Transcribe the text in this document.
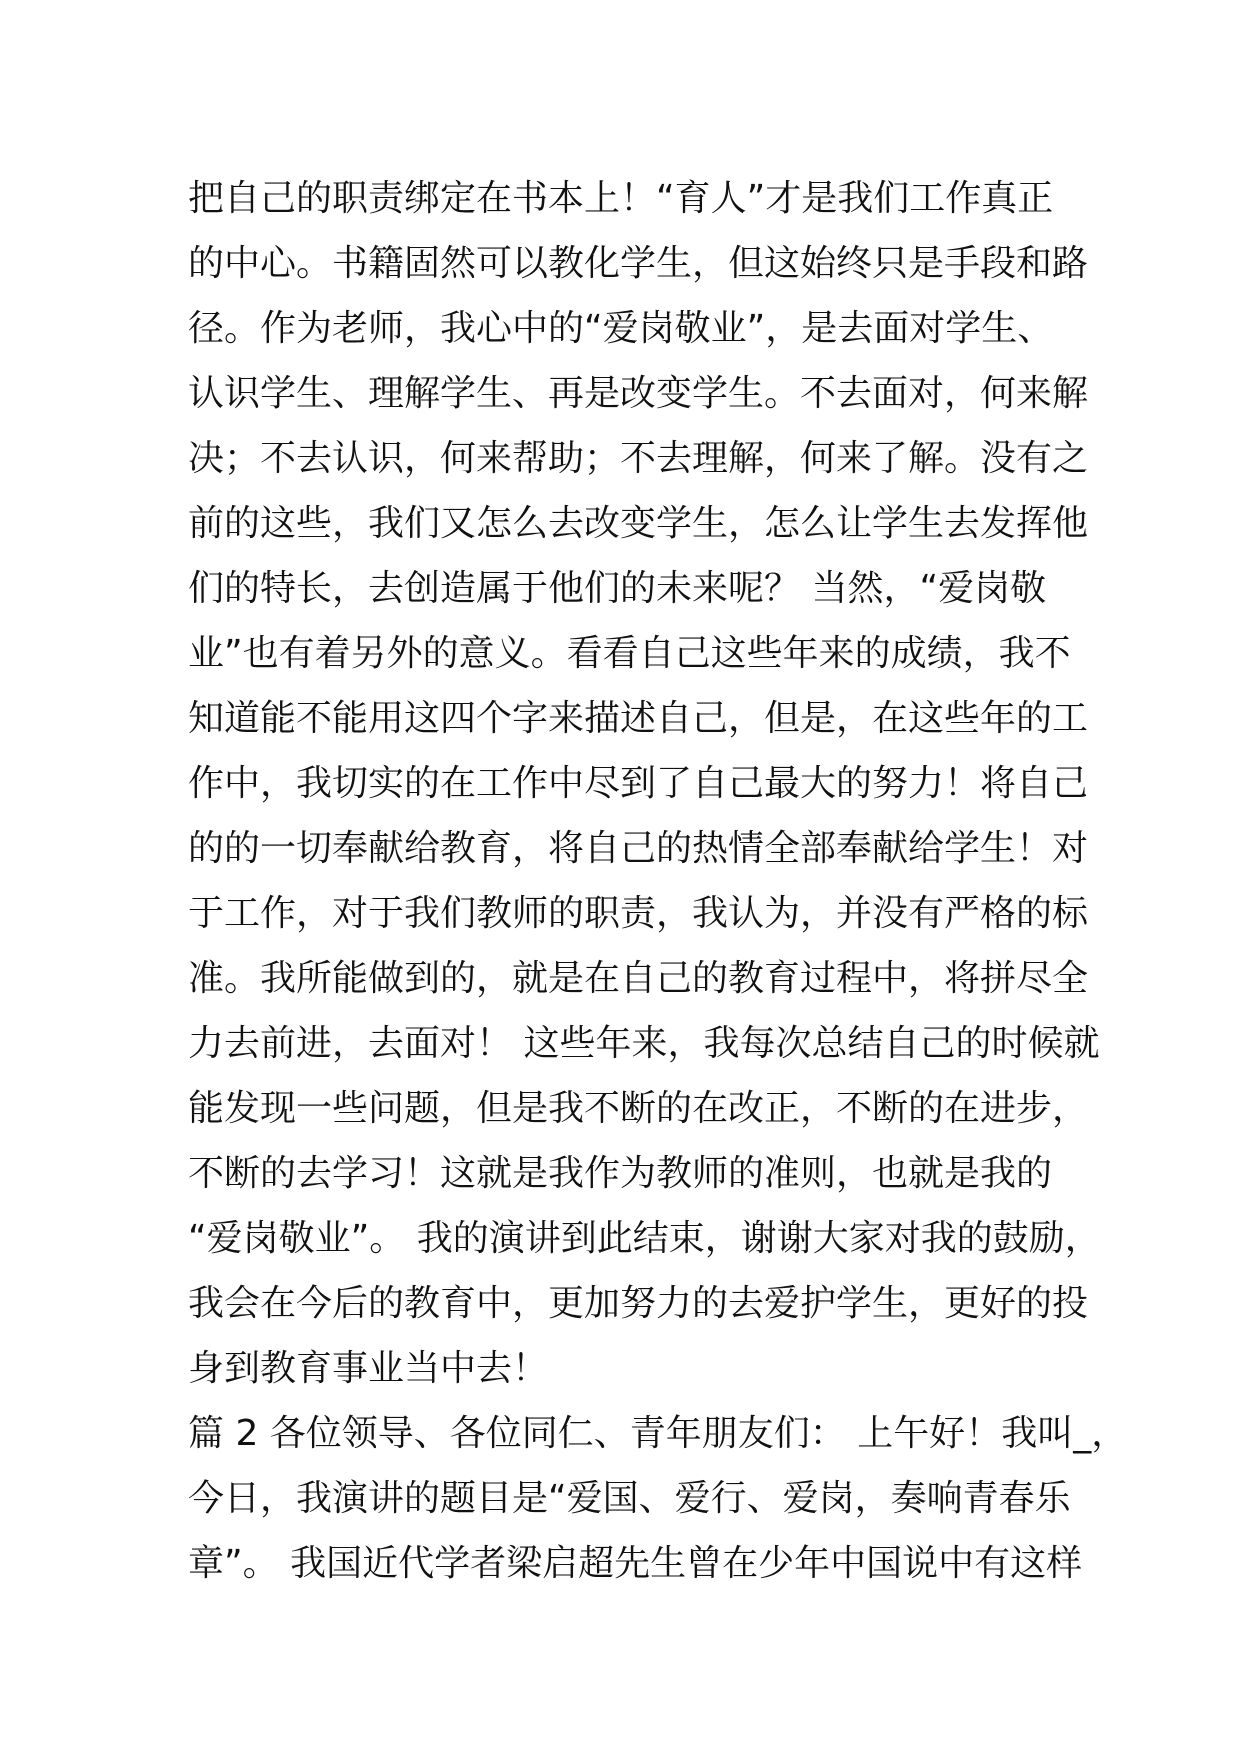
把自己的职责绑定在书本上！“育人”才是我们工作真正
的中心。书籍固然可以教化学生，但这始终只是手段和路
径。作为老师，我心中的“爱岗敬业”，是去面对学生、
认识学生、理解学生、再是改变学生。不去面对，何来解
决；不去认识，何来帮助；不去理解，何来了解。没有之
前的这些，我们又怎么去改变学生，怎么让学生去发挥他
们的特长，去创造属于他们的未来呢？ 当然，“爱岗敬
业”也有着另外的意义。看看自己这些年来的成绩，我不
知道能不能用这四个字来描述自己，但是，在这些年的工
作中，我切实的在工作中尽到了自己最大的努力！将自己
的的一切奉献给教育，将自己的热情全部奉献给学生！对
于工作，对于我们教师的职责，我认为，并没有严格的标
准。我所能做到的，就是在自己的教育过程中，将拼尽全
力去前进，去面对！ 这些年来，我每次总结自己的时候就
能发现一些问题，但是我不断的在改正，不断的在进步，
不断的去学习！这就是我作为教师的准则，也就是我的
“爱岗敬业”。 我的演讲到此结束，谢谢大家对我的鼓励，
我会在今后的教育中，更加努力的去爱护学生，更好的投
身到教育事业当中去！
篇 2 各位领导、各位同仁、青年朋友们： 上午好！我叫_，
今日，我演讲的题目是“爱国、爱行、爱岗，奏响青春乐
章”。 我国近代学者梁启超先生曾在少年中国说中有这样
